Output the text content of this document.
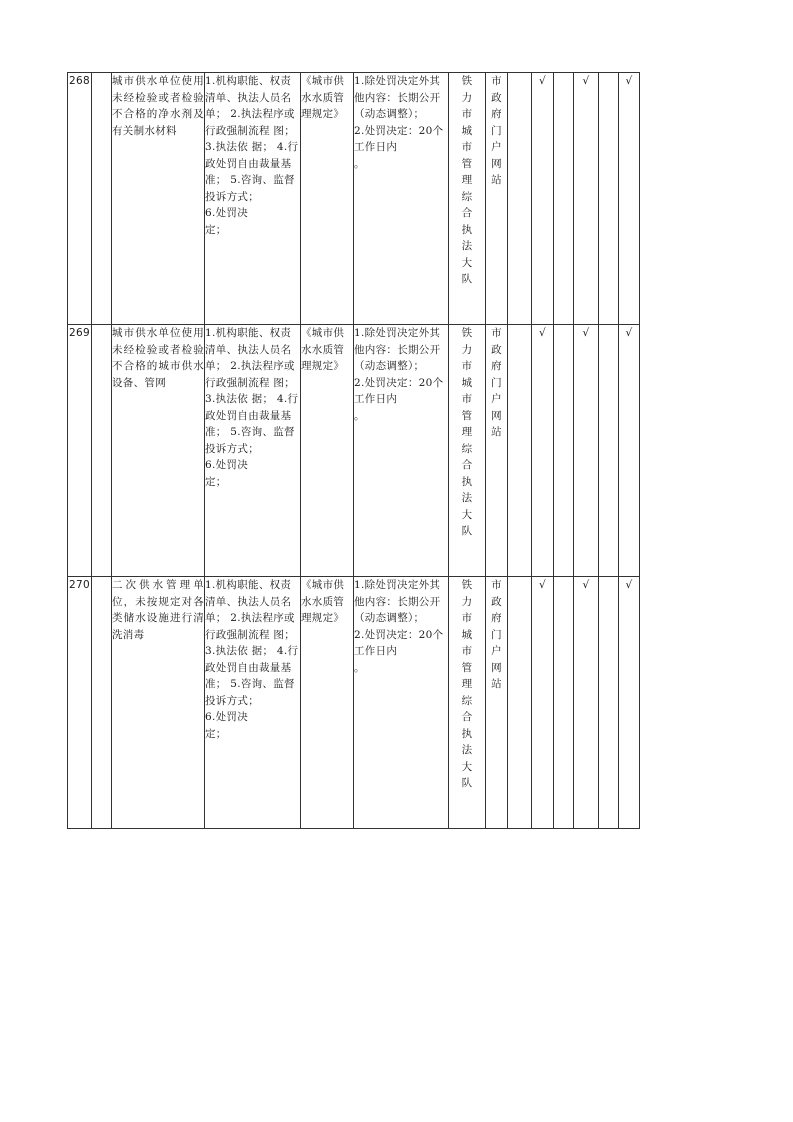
268		城市供水单位使用未经检验或者检验不合格的净水剂及有关制水材料	1.机构职能、权责清单、执法人员名单； 2.执法程序或行政强制流程 图； 3.执法依 据； 4.行政处罚自由裁量基准； 5.咨询、监督投诉方式；
6.处罚决
定；	《城市供水水质管理规定》	1.除处罚决定外其他内容：长期公开
（动态调整）；
2.处罚决定：20个工作日内
。	铁力市城市管理综合执法大队	市政府门户网站		√		√		√
269		城市供水单位使用未经检验或者检验不合格的城市供水设备、管网	1.机构职能、权责清单、执法人员名单； 2.执法程序或行政强制流程 图； 3.执法依 据； 4.行政处罚自由裁量基准； 5.咨询、监督投诉方式；
6.处罚决
定；	《城市供水水质管理规定》	1.除处罚决定外其他内容：长期公开
（动态调整）；
2.处罚决定：20个工作日内
。	铁力市城市管理综合执法大队	市政府门户网站		√		√		√
270		二次供水管理单位，未按规定对各类储水设施进行清洗消毒	1.机构职能、权责清单、执法人员名单； 2.执法程序或行政强制流程 图； 3.执法依 据； 4.行政处罚自由裁量基准； 5.咨询、监督投诉方式；
6.处罚决
定；	《城市供水水质管理规定》	1.除处罚决定外其他内容：长期公开
（动态调整）；
2.处罚决定：20个工作日内
。	铁力市城市管理综合执法大队	市政府门户网站		√		√		√
